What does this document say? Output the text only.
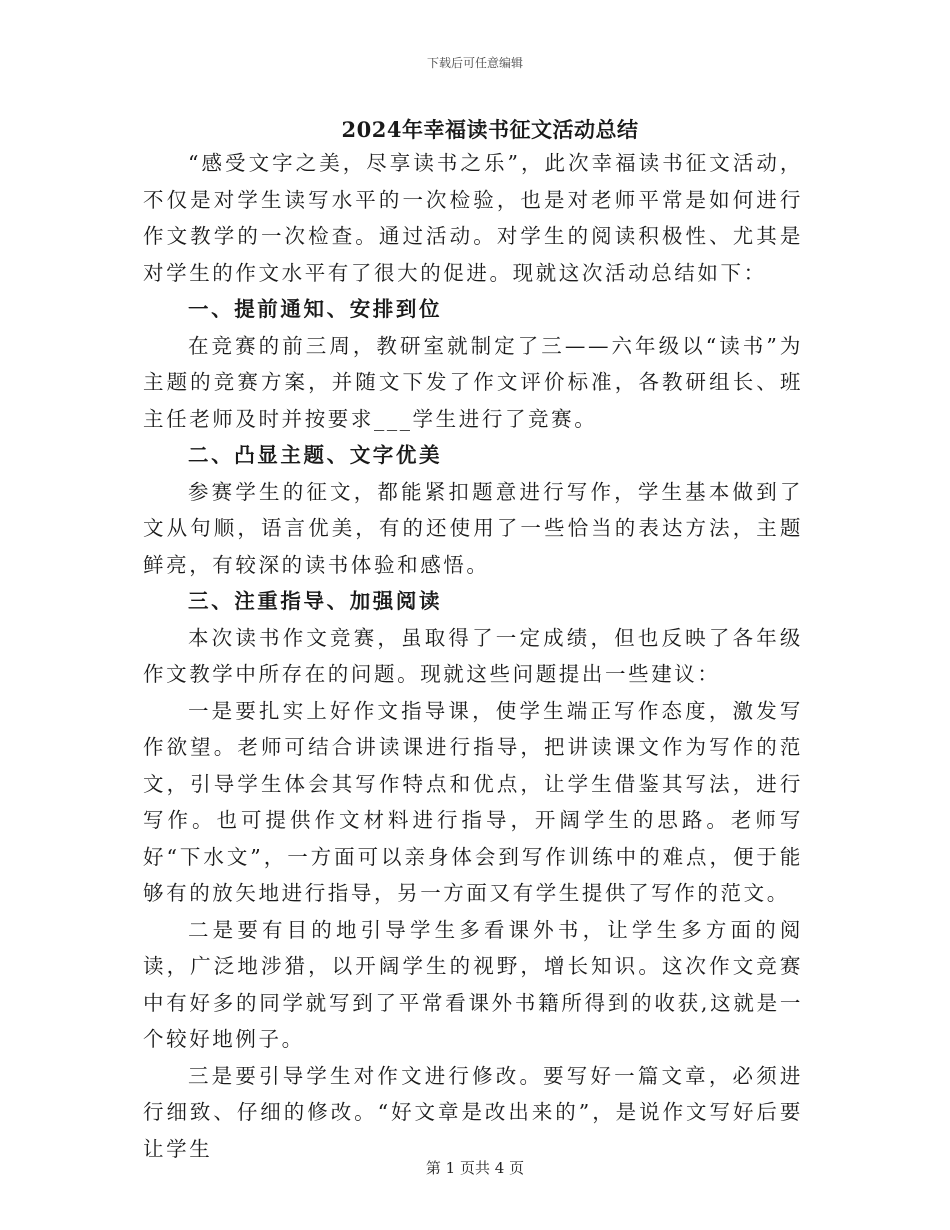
下载后可任意编辑
2024年幸福读书征文活动总结

“感受文字之美，尽享读书之乐”，此次幸福读书征文活动，不仅是对学生读写水平的一次检验，也是对老师平常是如何进行作文教学的一次检查。通过活动。对学生的阅读积极性、尤其是对学生的作文水平有了很大的促进。现就这次活动总结如下：

一、提前通知、安排到位

在竞赛的前三周，教研室就制定了三——六年级以“读书”为主题的竞赛方案，并随文下发了作文评价标准，各教研组长、班主任老师及时并按要求___学生进行了竞赛。

二、凸显主题、文字优美

参赛学生的征文，都能紧扣题意进行写作，学生基本做到了文从句顺，语言优美，有的还使用了一些恰当的表达方法，主题鲜亮，有较深的读书体验和感悟。

三、注重指导、加强阅读

本次读书作文竞赛，虽取得了一定成绩，但也反映了各年级作文教学中所存在的问题。现就这些问题提出一些建议：

一是要扎实上好作文指导课，使学生端正写作态度，激发写作欲望。老师可结合讲读课进行指导，把讲读课文作为写作的范文，引导学生体会其写作特点和优点，让学生借鉴其写法，进行写作。也可提供作文材料进行指导，开阔学生的思路。老师写好“下水文”，一方面可以亲身体会到写作训练中的难点，便于能够有的放矢地进行指导，另一方面又有学生提供了写作的范文。

二是要有目的地引导学生多看课外书，让学生多方面的阅读，广泛地涉猎，以开阔学生的视野，增长知识。这次作文竞赛中有好多的同学就写到了平常看课外书籍所得到的收获,这就是一个较好地例子。

三是要引导学生对作文进行修改。要写好一篇文章，必须进行细致、仔细的修改。“好文章是改出来的”，是说作文写好后要让学生

第 1 页共 4 页
